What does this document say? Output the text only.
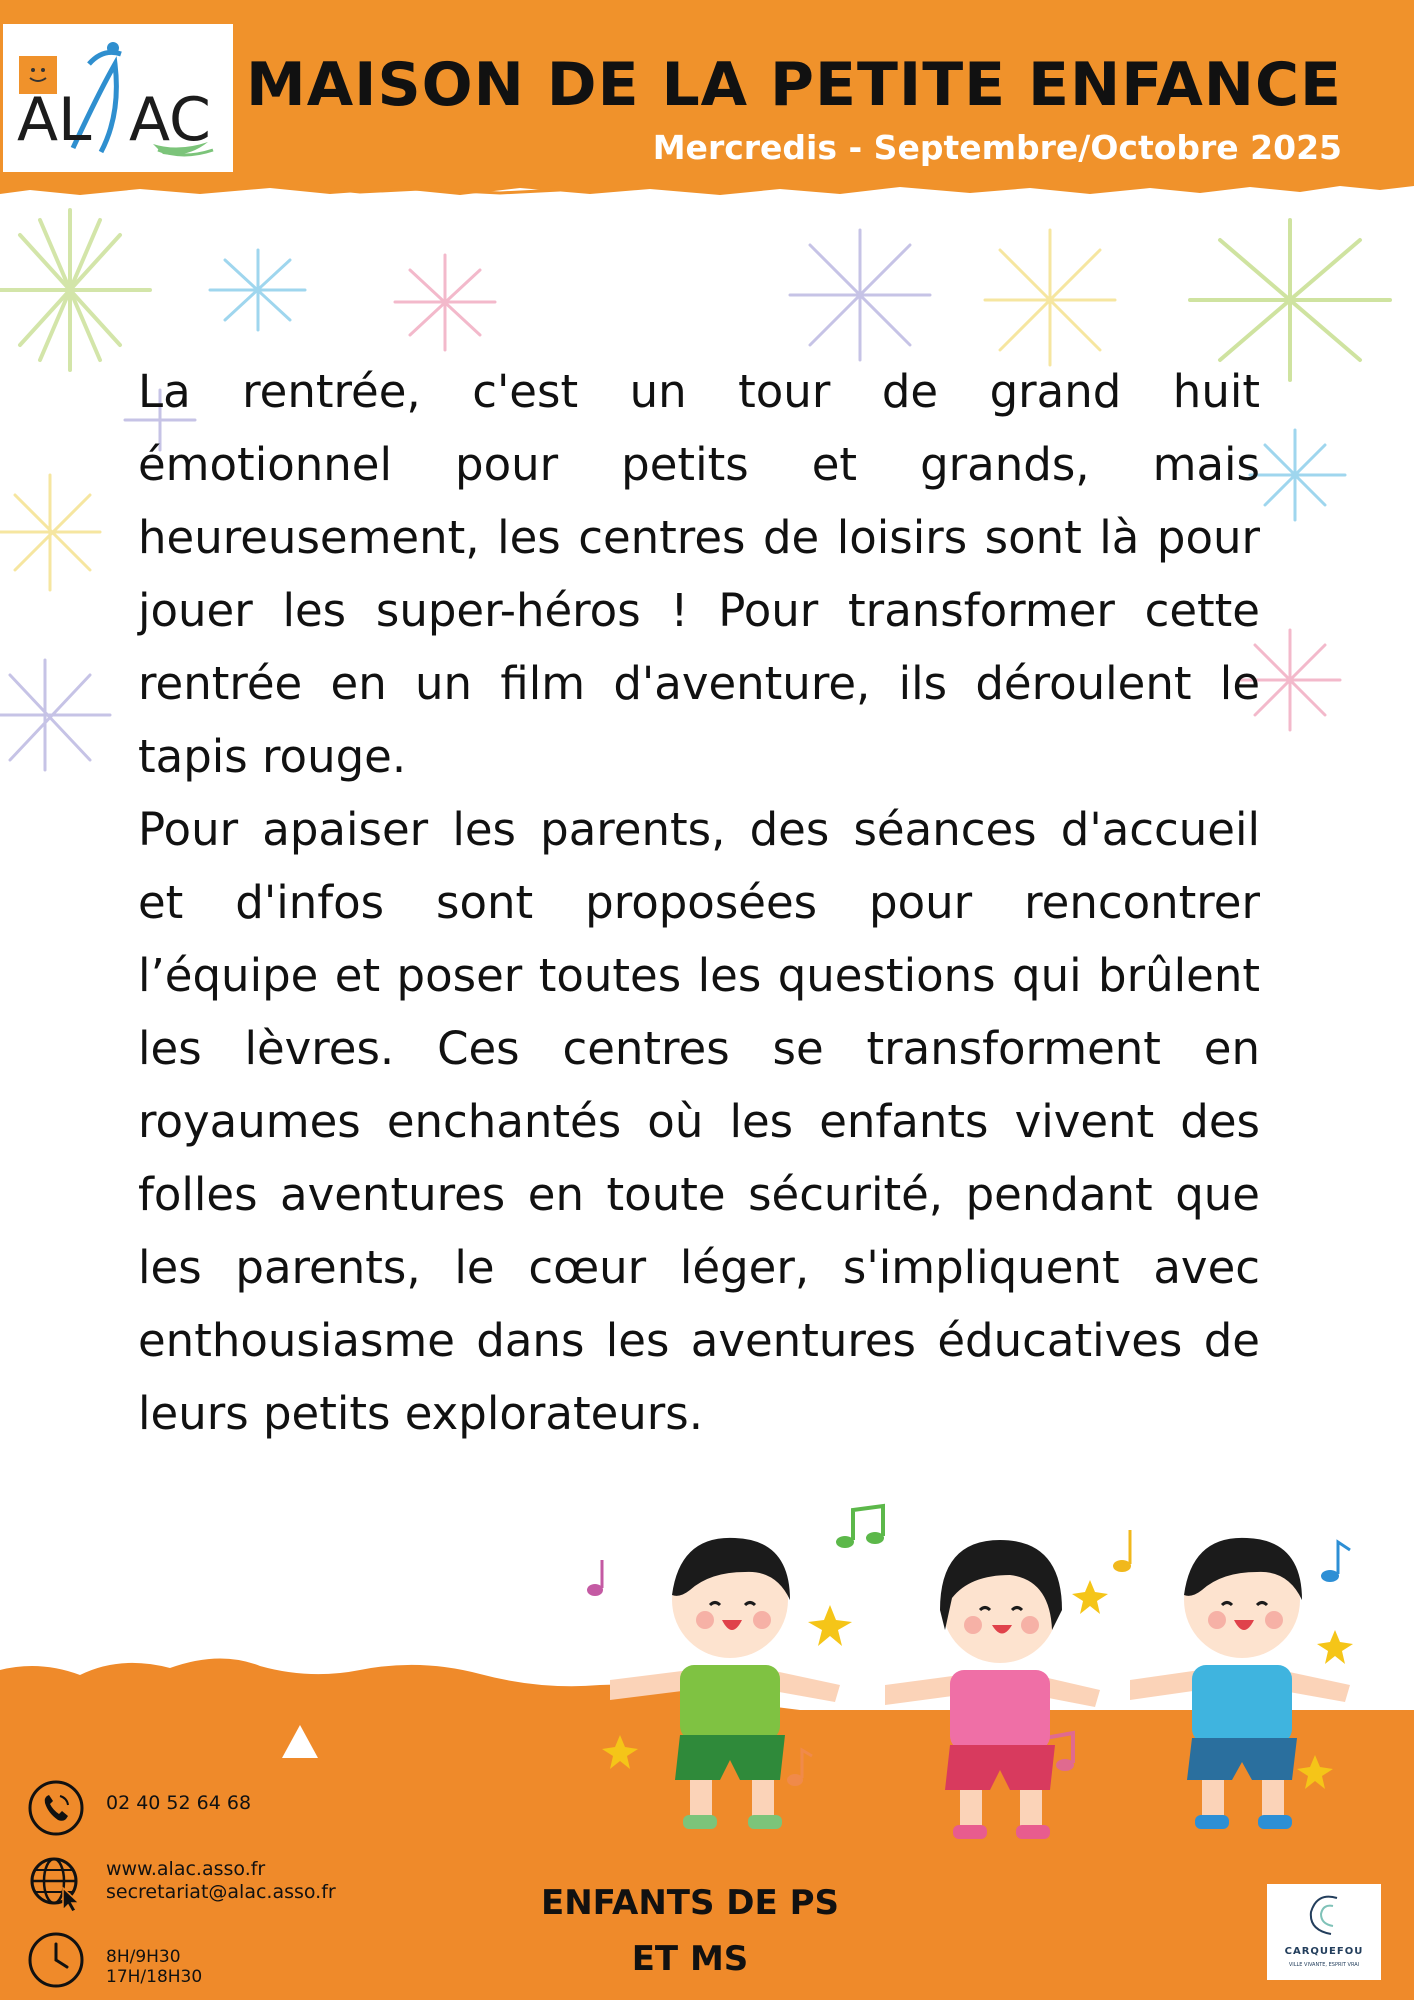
AL AC
ALAC
MAISON DE LA PETITE ENFANCE
Mercredis - Septembre/Octobre 2025

La rentrée, c'est un tour de grand huit émotionnel pour petits et grands, mais heureusement, les centres de loisirs sont là pour jouer les super-héros ! Pour transformer cette rentrée en un film d'aventure, ils déroulent le tapis rouge.

Pour apaiser les parents, des séances d'accueil et d'infos sont proposées pour rencontrer l’équipe et poser toutes les questions qui brûlent les lèvres. Ces centres se transforment en royaumes enchantés où les enfants vivent des folles aventures en toute sécurité, pendant que les parents, le cœur léger, s'impliquent avec enthousiasme dans les aventures éducatives de leurs petits explorateurs.

02 40 52 64 68
www.alac.asso.fr
secretariat@alac.asso.fr
8H/9H30
17H/18H30
ENFANTS DE PS
ET MS	CARQUEFOU
VILLE VIVANTE, ESPRIT VRAI
